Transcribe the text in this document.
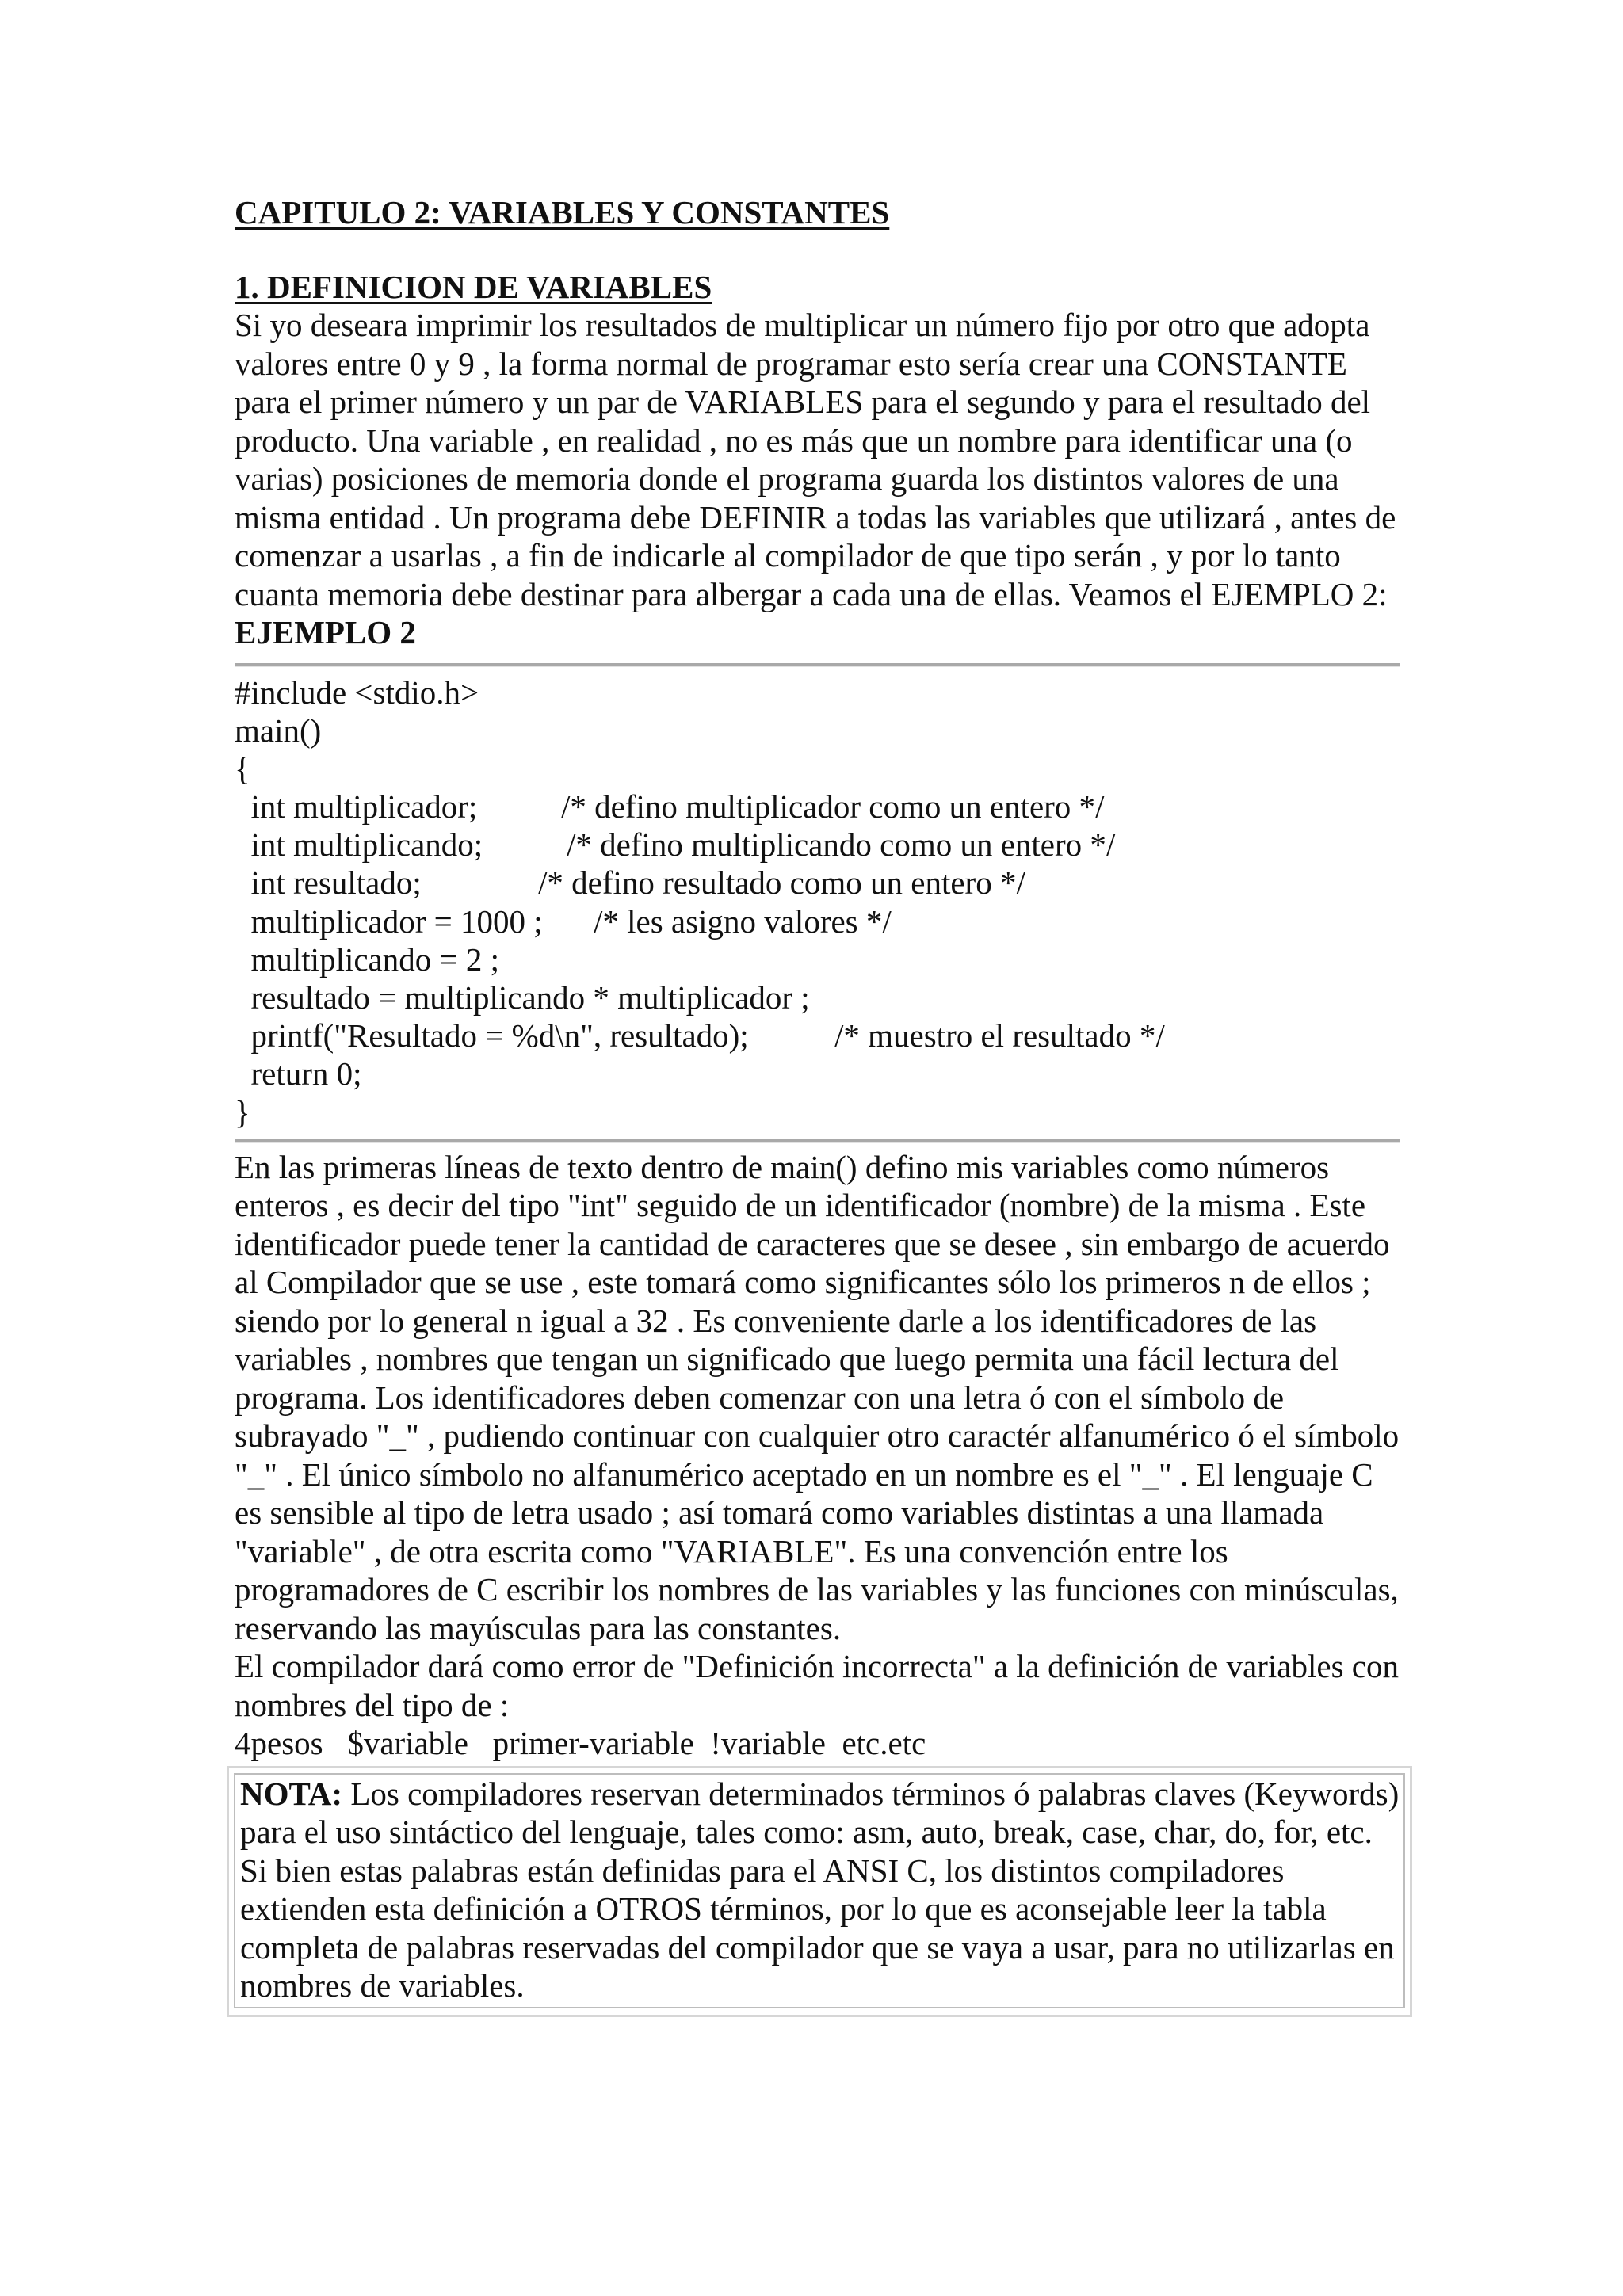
CAPITULO 2: VARIABLES Y CONSTANTES
1. DEFINICION DE VARIABLES

Si yo deseara imprimir los resultados de multiplicar un número fijo por otro que adopta valores entre 0 y 9 , la forma normal de programar esto sería crear una CONSTANTE para el primer número y un par de VARIABLES para el segundo y para el resultado del producto. Una variable , en realidad , no es más que un nombre para identificar una (o varias) posiciones de memoria donde el programa guarda los distintos valores de una misma entidad . Un programa debe DEFINIR a todas las variables que utilizará , antes de comenzar a usarlas , a fin de indicarle al compilador de que tipo serán , y por lo tanto cuanta memoria debe destinar para albergar a cada una de ellas. Veamos el EJEMPLO 2:

EJEMPLO 2

#include <stdio.h>
main()
{
int multiplicador;	/* defino multiplicador como un entero */
int multiplicando;	/* defino multiplicando como un entero */
int resultado;	/* defino resultado como un entero */
multiplicador = 1000 ; /* les asigno valores */
multiplicando = 2 ;
resultado = multiplicando * multiplicador ;
printf("Resultado = %d\n", resultado);	/* muestro el resultado */
return 0;
}

En las primeras líneas de texto dentro de main() defino mis variables como números enteros , es decir del tipo "int" seguido de un identificador (nombre) de la misma . Este identificador puede tener la cantidad de caracteres que se desee , sin embargo de acuerdo al Compilador que se use , este tomará como significantes sólo los primeros n de ellos ; siendo por lo general n igual a 32 . Es conveniente darle a los identificadores de las variables , nombres que tengan un significado que luego permita una fácil lectura del programa. Los identificadores deben comenzar con una letra ó con el símbolo de subrayado "_" , pudiendo continuar con cualquier otro caractér alfanumérico ó el símbolo "_" . El único símbolo no alfanumérico aceptado en un nombre es el "_" . El lenguaje C es sensible al tipo de letra usado ; así tomará como variables distintas a una llamada "variable" , de otra escrita como "VARIABLE". Es una convención entre los programadores de C escribir los nombres de las variables y las funciones con minúsculas, reservando las mayúsculas para las constantes.

El compilador dará como error de "Definición incorrecta" a la definición de variables con nombres del tipo de :

4pesos   $variable   primer-variable  !variable  etc.etc

NOTA: Los compiladores reservan determinados términos ó palabras claves (Keywords) para el uso sintáctico del lenguaje, tales como: asm, auto, break, case, char, do, for, etc. Si bien estas palabras están definidas para el ANSI C, los distintos compiladores extienden esta definición a OTROS términos, por lo que es aconsejable leer la tabla completa de palabras reservadas del compilador que se vaya a usar, para no utilizarlas en nombres de variables.
